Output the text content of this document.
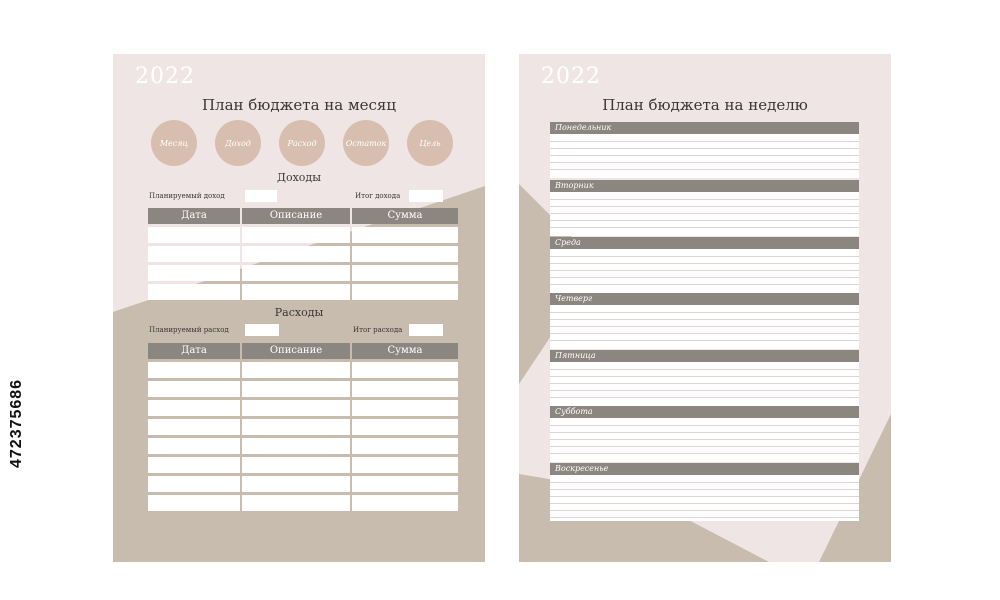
2022
План бюджета на месяц
Месяц	Доход	Расход	Остаток	Цель
Доходы
Планируемый доход	Итог дохода
Дата	Описание	Сумма
Расходы
Планируемый расход	Итог расхода
Дата	Описание	Сумма
2022
План бюджета на неделю
Понедельник
Вторник
Среда
Четверг
Пятница
Суббота
Воскресенье
472375686
